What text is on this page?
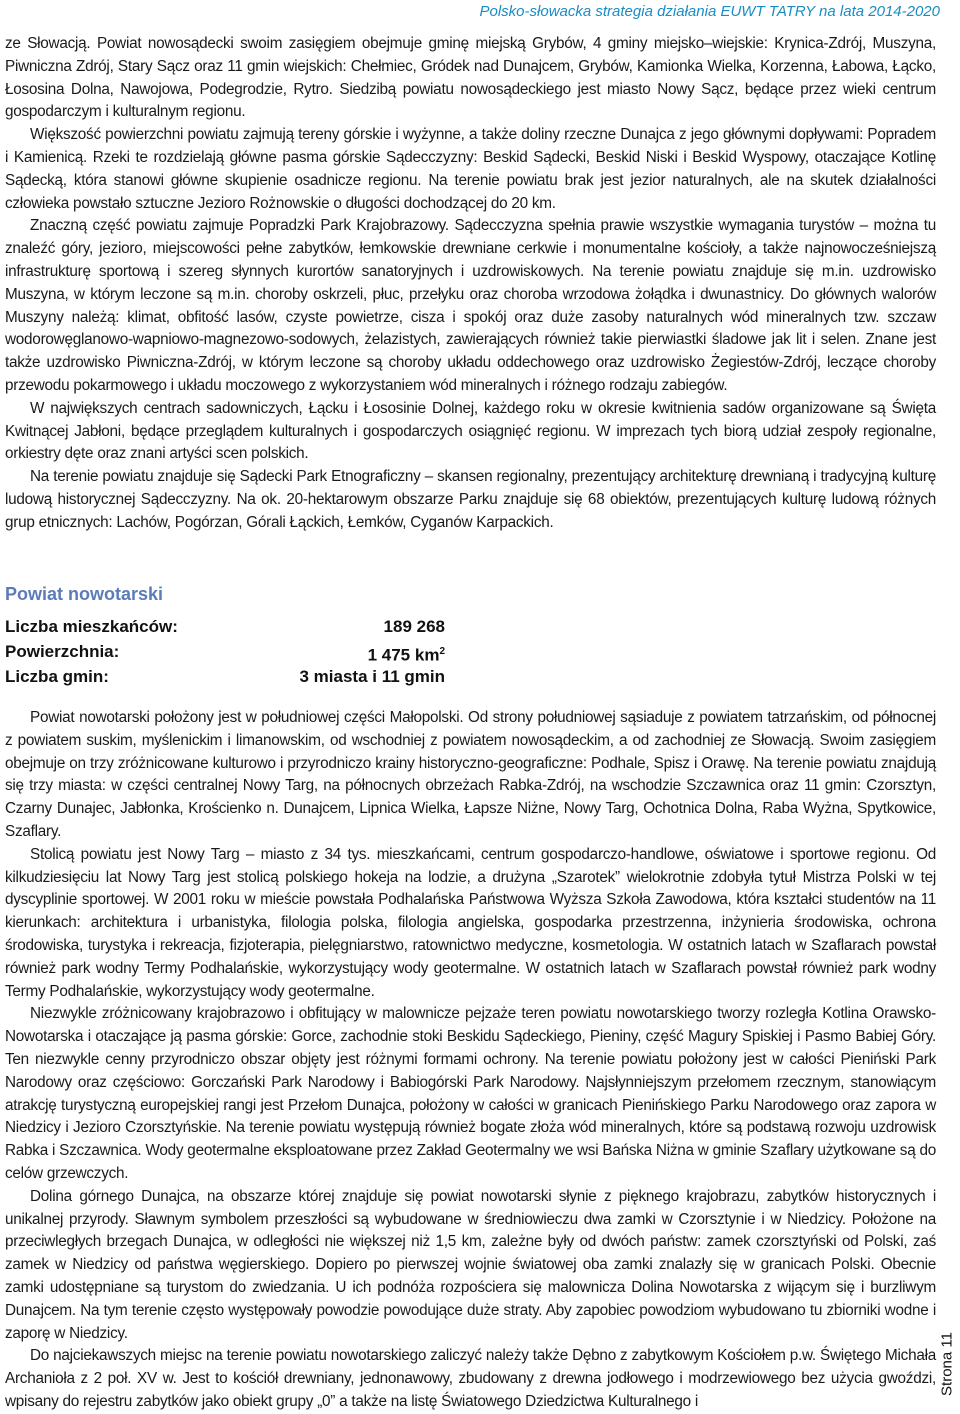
Polsko-słowacka strategia działania EUWT TATRY na lata 2014-2020

ze Słowacją. Powiat nowosądecki swoim zasięgiem obejmuje gminę miejską Grybów, 4 gminy miejsko–wiejskie: Krynica-Zdrój, Muszyna, Piwniczna Zdrój, Stary Sącz oraz 11 gmin wiejskich: Chełmiec, Gródek nad Dunajcem, Grybów, Kamionka Wielka, Korzenna, Łabowa, Łącko, Łososina Dolna, Nawojowa, Podegrodzie, Rytro. Siedzibą powiatu nowosądeckiego jest miasto Nowy Sącz, będące przez wieki centrum gospodarczym i kulturalnym regionu.

Większość powierzchni powiatu zajmują tereny górskie i wyżynne, a także doliny rzeczne Dunajca z jego głównymi dopływami: Popradem i Kamienicą. Rzeki te rozdzielają główne pasma górskie Sądecczyzny: Beskid Sądecki, Beskid Niski i Beskid Wyspowy, otaczające Kotlinę Sądecką, która stanowi główne skupienie osadnicze regionu. Na terenie powiatu brak jest jezior naturalnych, ale na skutek działalności człowieka powstało sztuczne Jezioro Rożnowskie o długości dochodzącej do 20 km.

Znaczną część powiatu zajmuje Popradzki Park Krajobrazowy. Sądecczyzna spełnia prawie wszystkie wymagania turystów – można tu znaleźć góry, jezioro, miejscowości pełne zabytków, łemkowskie drewniane cerkwie i monumentalne kościoły, a także najnowocześniejszą infrastrukturę sportową i szereg słynnych kurortów sanatoryjnych i uzdrowiskowych. Na terenie powiatu znajduje się m.in. uzdrowisko Muszyna, w którym leczone są m.in. choroby oskrzeli, płuc, przełyku oraz choroba wrzodowa żołądka i dwunastnicy. Do głównych walorów Muszyny należą: klimat, obfitość lasów, czyste powietrze, cisza i spokój oraz duże zasoby naturalnych wód mineralnych tzw. szczaw wodorowęglanowo-wapniowo-magnezowo-sodowych, żelazistych, zawierających również takie pierwiastki śladowe jak lit i selen. Znane jest także uzdrowisko Piwniczna-Zdrój, w którym leczone są choroby układu oddechowego oraz uzdrowisko Żegiestów-Zdrój, leczące choroby przewodu pokarmowego i układu moczowego z wykorzystaniem wód mineralnych i różnego rodzaju zabiegów.

W największych centrach sadowniczych, Łącku i Łososinie Dolnej, każdego roku w okresie kwitnienia sadów organizowane są Święta Kwitnącej Jabłoni, będące przeglądem kulturalnych i gospodarczych osiągnięć regionu. W imprezach tych biorą udział zespoły regionalne, orkiestry dęte oraz znani artyści scen polskich.

Na terenie powiatu znajduje się Sądecki Park Etnograficzny – skansen regionalny, prezentujący architekturę drewnianą i tradycyjną kulturę ludową historycznej Sądecczyzny. Na ok. 20-hektarowym obszarze Parku znajduje się 68 obiektów, prezentujących kulturę ludową różnych grup etnicznych: Lachów, Pogórzan, Górali Łąckich, Łemków, Cyganów Karpackich.

Powiat nowotarski
Liczba mieszkańców:	189 268
Powierzchnia:	1 475 $km^2$
Liczba gmin:	3 miasta i 11 gmin

Powiat nowotarski położony jest w południowej części Małopolski. Od strony południowej sąsiaduje z powiatem tatrzańskim, od północnej z powiatem suskim, myślenickim i limanowskim, od wschodniej z powiatem nowosądeckim, a od zachodniej ze Słowacją. Swoim zasięgiem obejmuje on trzy zróżnicowane kulturowo i przyrodniczo krainy historyczno-geograficzne: Podhale, Spisz i Orawę. Na terenie powiatu znajdują się trzy miasta: w części centralnej Nowy Targ, na północnych obrzeżach Rabka-Zdrój, na wschodzie Szczawnica oraz 11 gmin: Czorsztyn, Czarny Dunajec, Jabłonka, Krościenko n. Dunajcem, Lipnica Wielka, Łapsze Niżne, Nowy Targ, Ochotnica Dolna, Raba Wyżna, Spytkowice, Szaflary.

Stolicą powiatu jest Nowy Targ – miasto z 34 tys. mieszkańcami, centrum gospodarczo-handlowe, oświatowe i sportowe regionu. Od kilkudziesięciu lat Nowy Targ jest stolicą polskiego hokeja na lodzie, a drużyna „Szarotek” wielokrotnie zdobyła tytuł Mistrza Polski w tej dyscyplinie sportowej. W 2001 roku w mieście powstała Podhalańska Państwowa Wyższa Szkoła Zawodowa, która kształci studentów na 11 kierunkach: architektura i urbanistyka, filologia polska, filologia angielska, gospodarka przestrzenna, inżynieria środowiska, ochrona środowiska, turystyka i rekreacja, fizjoterapia, pielęgniarstwo, ratownictwo medyczne, kosmetologia. W ostatnich latach w Szaflarach powstał również park wodny Termy Podhalańskie, wykorzystujący wody geotermalne. W ostatnich latach w Szaflarach powstał również park wodny Termy Podhalańskie, wykorzystujący wody geotermalne.

Niezwykle zróżnicowany krajobrazowo i obfitujący w malownicze pejzaże teren powiatu nowotarskiego tworzy rozległa Kotlina Orawsko-Nowotarska i otaczające ją pasma górskie: Gorce, zachodnie stoki Beskidu Sądeckiego, Pieniny, część Magury Spiskiej i Pasmo Babiej Góry. Ten niezwykle cenny przyrodniczo obszar objęty jest różnymi formami ochrony. Na terenie powiatu położony jest w całości Pieniński Park Narodowy oraz częściowo: Gorczański Park Narodowy i Babiogórski Park Narodowy. Najsłynniejszym przełomem rzecznym, stanowiącym atrakcję turystyczną europejskiej rangi jest Przełom Dunajca, położony w całości w granicach Pienińskiego Parku Narodowego oraz zapora w Niedzicy i Jezioro Czorsztyńskie. Na terenie powiatu występują również bogate złoża wód mineralnych, które są podstawą rozwoju uzdrowisk Rabka i Szczawnica. Wody geotermalne eksploatowane przez Zakład Geotermalny we wsi Bańska Niżna w gminie Szaflary użytkowane są do celów grzewczych.

Dolina górnego Dunajca, na obszarze której znajduje się powiat nowotarski słynie z pięknego krajobrazu, zabytków historycznych i unikalnej przyrody. Sławnym symbolem przeszłości są wybudowane w średniowieczu dwa zamki w Czorsztynie i w Niedzicy. Położone na przeciwległych brzegach Dunajca, w odległości nie większej niż 1,5 km, zależne były od dwóch państw: zamek czorsztyński od Polski, zaś zamek w Niedzicy od państwa węgierskiego. Dopiero po pierwszej wojnie światowej oba zamki znalazły się w granicach Polski. Obecnie zamki udostępniane są turystom do zwiedzania. U ich podnóża rozpościera się malownicza Dolina Nowotarska z wijącym się i burzliwym Dunajcem. Na tym terenie często występowały powodzie powodujące duże straty. Aby zapobiec powodziom wybudowano tu zbiorniki wodne i zaporę w Niedzicy.

Do najciekawszych miejsc na terenie powiatu nowotarskiego zaliczyć należy także Dębno z zabytkowym Kościołem p.w. Świętego Michała Archanioła z 2 poł. XV w. Jest to kościół drewniany, jednonawowy, zbudowany z drewna jodłowego i modrzewiowego bez użycia gwoździ, wpisany do rejestru zabytków jako obiekt grupy „0” a także na listę Światowego Dziedzictwa Kulturalnego i

Strona 11
